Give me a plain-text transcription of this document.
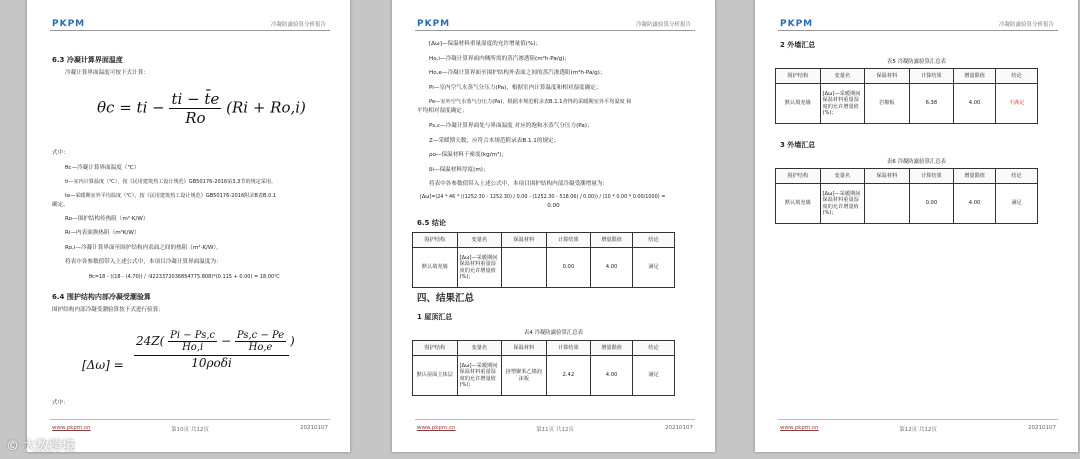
PKPM	冷凝防露验算分析报告
6.3 冷凝计算界面温度
冷凝计算界面温度可按下式计算：
θc = ti − $\frac{ti - t̄e}{Ro} (Ri + Ro,i)$
式中：
θc—冷凝计算界面温度（℃）
ti—室内计算温度（℃），按《民用建筑热工设计规范》GB50176-2016第3.3节的规定采用。
te—采暖期室外平均温度（℃），按《民用建筑热工设计规范》GB50176-2016附录B表B.0.1
确定。
Ro—围护结构传热阻（m²·K/W）
Ri—内表面换热阻（m²K/W）
Ro,i—冷凝计算界面至围护结构内表面之间的热阻（m²·K/W）。
将表中各参数值带入上述公式中，本项目冷凝计算界面温度为：
θc=18 - ((18 - (4.70)) / -9223372036854775.808)*(0.115 + 0.00) = 18.00℃
6.4 围护结构内部冷凝受潮验算
围护结构内部冷凝受潮验算按下式进行验算：
[Δω] =
$24Z( \frac{Pi - Ps,c}{Ho,i} - \frac{Ps,c - Pe}{Ho,e}$ )
10ρoδi
式中：
www.pkpm.cn	第10页 共12页	20210107
PKPM	冷凝防露验算分析报告
[Δω]—保温材料重量湿度的允许增量值(%)；
Ho,i—冷凝计算界面内侧所需的蒸汽渗透阻(m²h·Pa/g)；
Ho,e—冷凝计算界面至围护结构外表面之间的蒸汽渗透阻(m²h·Pa/g)；
Pi—室内空气水蒸气分压力(Pa)，根据室内计算温度和相对湿度确定；
Pe—室外空气水蒸气分压力(Pa)，根据本规范附录表B.1.1查得的采暖期室外平均温度 和
平均相对湿度确定；
Ps,c—冷凝计算界面处与界面温度 对应的饱和水蒸气分压力(Pa)；
Z—采暖期天数，应符合本规范附录表B.1.1的规定；
ρo—保温材料干密度(kg/m³)；
δi—保温材料厚度(m)；
将表中各参数值带入上述公式中，本项目围护结构内部冷凝受潮增量为：
[Δω]=(24 * 46 * ((1252.30 - 1252.30) / 0.00 - (1252.30 - 518.06) / 0.00)) / (10 * 0.00 * 0.00/1000) =
0.00
6.5 结论
围护结构	变量名	保温材料	计算结果	增量限值	结论
默认填充墙	[Δω]—采暖期间保温材料重量湿度的允许增量值(%)；		0.00	4.00	满足
四、结果汇总
1 屋顶汇总
表4 冷凝防露验算汇总表
围护结构	变量名	保温材料	计算结果	增量限值	结论
默认屋面主体层	[Δω]—采暖期间保温材料重量湿度的允许增量值(%)；	挤塑聚苯乙烯泡沫板	2.42	4.00	满足
www.pkpm.cn	第11页 共12页	20210107
PKPM	冷凝防露验算分析报告
2 外墙汇总
表5 冷凝防露验算汇总表
围护结构	变量名	保温材料	计算结果	增量限值	结论
默认填充墙	[Δω]—采暖期间保温材料重量湿度的允许增量值(%)；	岩棉板	6.38	4.00	不满足
3 外墙汇总
表6 冷凝防露验算汇总表
围护结构	变量名	保温材料	计算结果	增量限值	结论
默认填充墙	[Δω]—采暖期间保温材料重量湿度的允许增量值(%)；		0.00	4.00	满足
www.pkpm.cn	第12页 共12页	20210107
© 大数跨境
